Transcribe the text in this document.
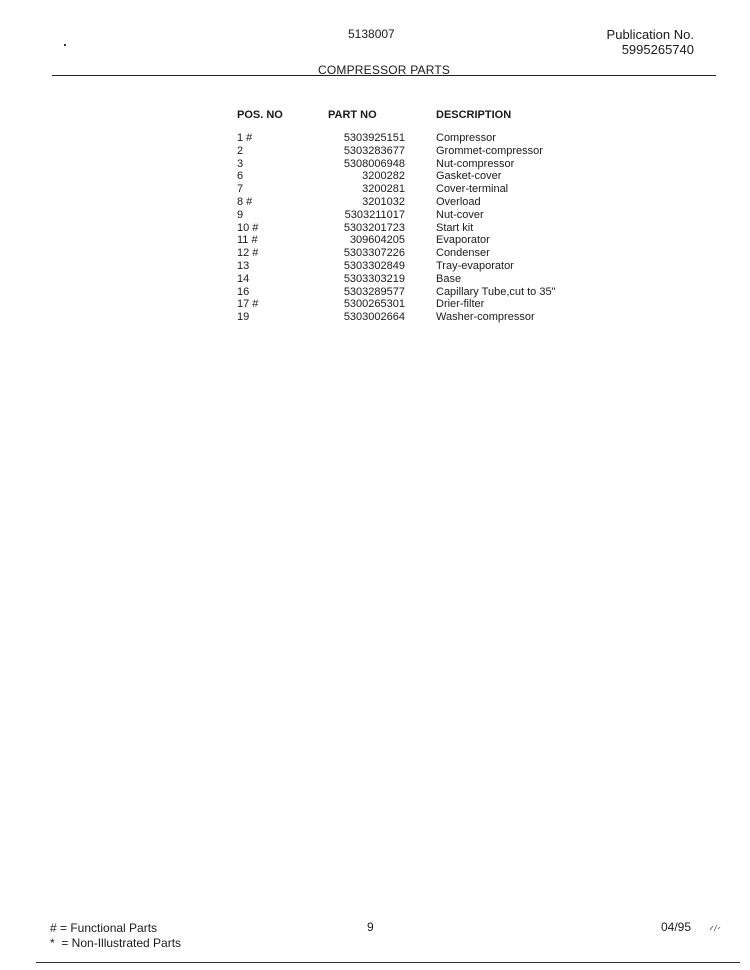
5138007	Publication No.
5995265740
COMPRESSOR PARTS
POS. NO	PART NO	DESCRIPTION
1 #	5303925151	Compressor
2	5303283677	Grommet-compressor
3	5308006948	Nut-compressor
6	3200282	Gasket-cover
7	3200281	Cover-terminal
8 #	3201032	Overload
9	5303211017	Nut-cover
10 #	5303201723	Start kit
11 #	309604205	Evaporator
12 #	5303307226	Condenser
13	5303302849	Tray-evaporator
14	5303303219	Base
16	5303289577	Capillary Tube,cut to 35"
17 #	5300265301	Drier-filter
19	5303002664	Washer-compressor
# = Functional Parts
*  = Non-Illustrated Parts
9	04/95
